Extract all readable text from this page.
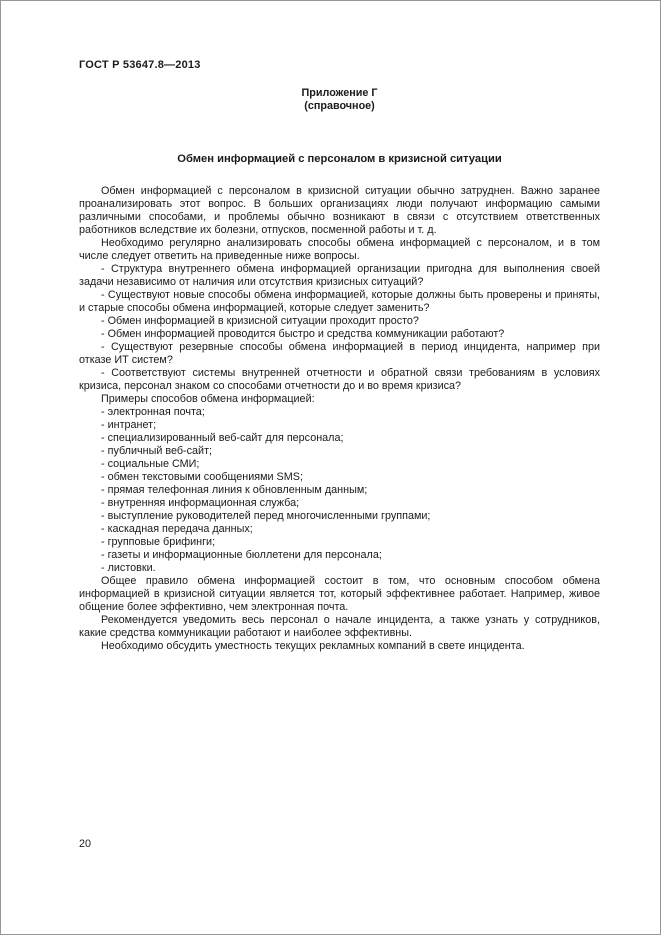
ГОСТ Р 53647.8—2013
Приложение Г
(справочное)
Обмен информацией с персоналом в кризисной ситуации
Обмен информацией с персоналом в кризисной ситуации обычно затруднен. Важно заранее проанализировать этот вопрос. В больших организациях люди получают информацию самыми различными способами, и проблемы обычно возникают в связи с отсутствием ответственных работников вследствие их болезни, отпусков, посменной работы и т. д.
Необходимо регулярно анализировать способы обмена информацией с персоналом, и в том числе следует ответить на приведенные ниже вопросы.
- Структура внутреннего обмена информацией организации пригодна для выполнения своей задачи независимо от наличия или отсутствия кризисных ситуаций?
- Существуют новые способы обмена информацией, которые должны быть проверены и приняты, и старые способы обмена информацией, которые следует заменить?
- Обмен информацией в кризисной ситуации проходит просто?
- Обмен информацией проводится быстро и средства коммуникации работают?
- Существуют резервные способы обмена информацией в период инцидента, например при отказе ИТ систем?
- Соответствуют системы внутренней отчетности и обратной связи требованиям в условиях кризиса, персонал знаком со способами отчетности до и во время кризиса?
Примеры способов обмена информацией:
- электронная почта;
- интранет;
- специализированный веб-сайт для персонала;
- публичный веб-сайт;
- социальные СМИ;
- обмен текстовыми сообщениями SMS;
- прямая телефонная линия к обновленным данным;
- внутренняя информационная служба;
- выступление руководителей перед многочисленными группами;
- каскадная передача данных;
- групповые брифинги;
- газеты и информационные бюллетени для персонала;
- листовки.
Общее правило обмена информацией состоит в том, что основным способом обмена информацией в кризисной ситуации является тот, который эффективнее работает. Например, живое общение более эффективно, чем электронная почта.
Рекомендуется уведомить весь персонал о начале инцидента, а также узнать у сотрудников, какие средства коммуникации работают и наиболее эффективны.
Необходимо обсудить уместность текущих рекламных компаний в свете инцидента.
20
